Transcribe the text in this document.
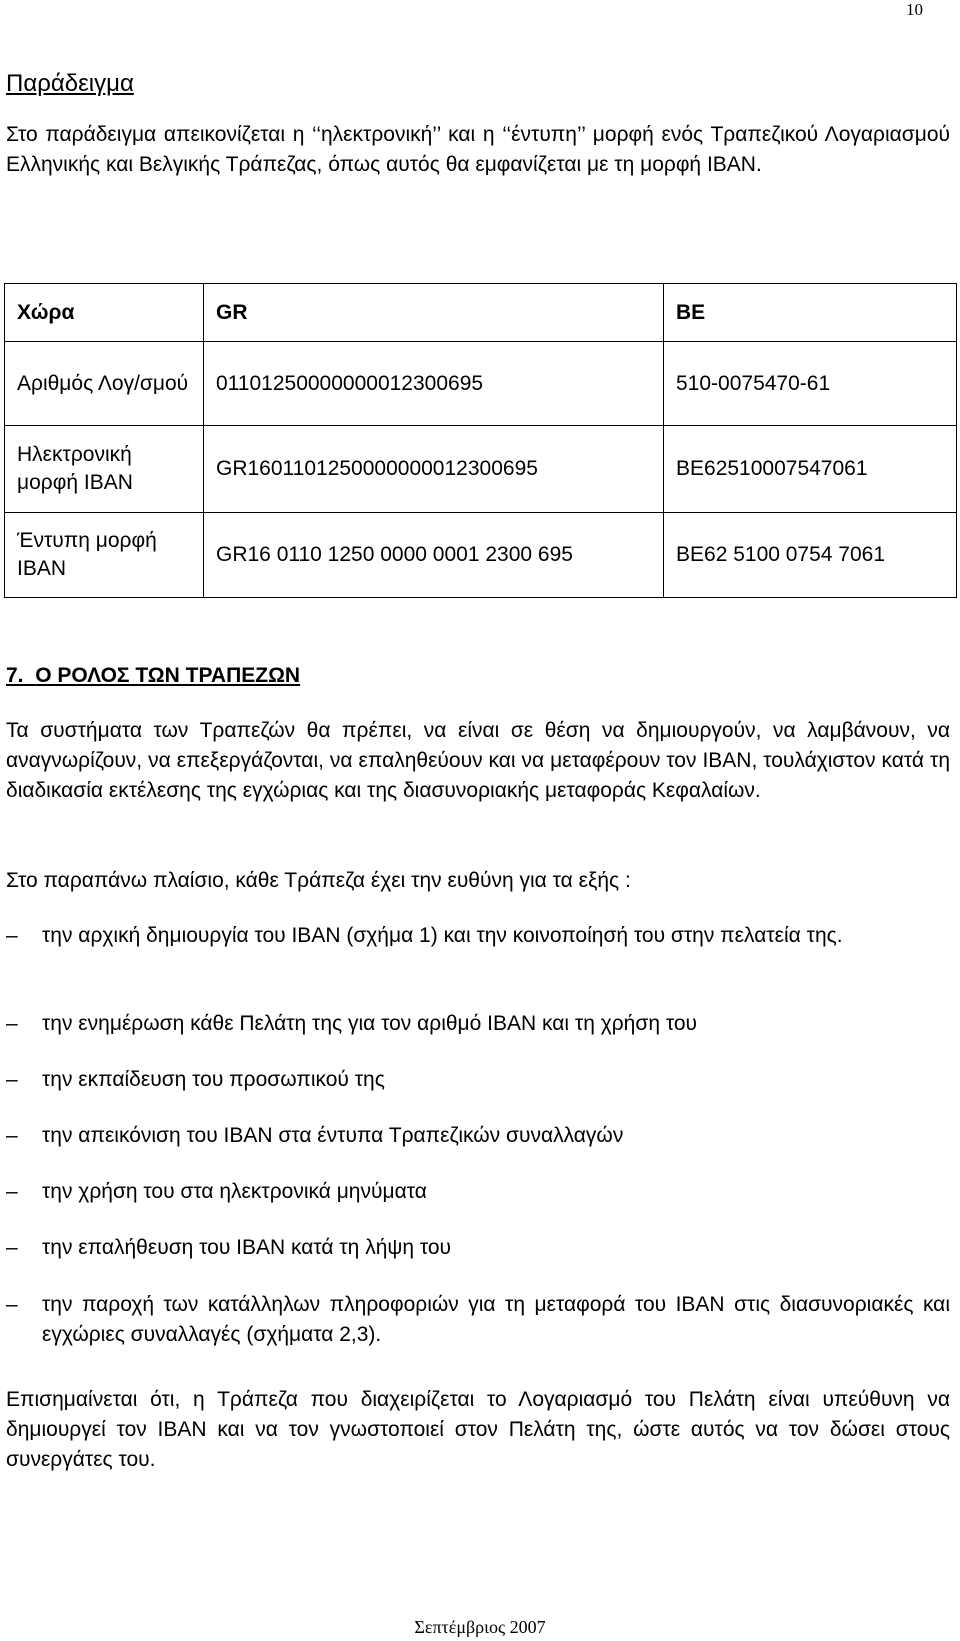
10
Παράδειγμα

Στο παράδειγμα απεικονίζεται η ‘‘ηλεκτρονική’’ και η ‘‘έντυπη’’ μορφή ενός Τραπεζικού Λογαριασμού Ελληνικής και Βελγικής Τράπεζας, όπως αυτός θα εμφανίζεται με τη μορφή IBAN.

Χώρα	GR	BE
Αριθμός Λογ/σμού	01101250000000012300695	510-0075470-61
Ηλεκτρονική μορφή IBAN	GR1601101250000000012300695	BE62510007547061
Έντυπη μορφή IBAN	GR16 0110 1250 0000 0001 2300 695	BE62 5100 0754 7061
7. Ο ΡΟΛΟΣ ΤΩΝ ΤΡΑΠΕΖΩΝ

Τα συστήματα των Τραπεζών θα πρέπει, να είναι σε θέση να δημιουργούν, να λαμβάνουν, να αναγνωρίζουν, να επεξεργάζονται, να επαληθεύουν και να μεταφέρουν τον IBAN, τουλάχιστον κατά τη διαδικασία εκτέλεσης της εγχώριας και της διασυνοριακής μεταφοράς Κεφαλαίων.

Στο παραπάνω πλαίσιο, κάθε Τράπεζα έχει την ευθύνη για τα εξής :

–	την αρχική δημιουργία του IBAN (σχήμα 1) και την κοινοποίησή του στην πελατεία της.
–	την ενημέρωση κάθε Πελάτη της για τον αριθμό IBAN και τη χρήση του
–	την εκπαίδευση του προσωπικού της
–	την απεικόνιση του IBAN στα έντυπα Τραπεζικών συναλλαγών
–	την χρήση του στα ηλεκτρονικά μηνύματα
–	την επαλήθευση του IBAN κατά τη λήψη του
–	την παροχή των κατάλληλων πληροφοριών για τη μεταφορά του IBAN στις διασυνοριακές και εγχώριες συναλλαγές (σχήματα 2,3).

Επισημαίνεται ότι, η Τράπεζα που διαχειρίζεται το Λογαριασμό του Πελάτη είναι υπεύθυνη να δημιουργεί τον IBAN και να τον γνωστοποιεί στον Πελάτη της, ώστε αυτός να τον δώσει στους συνεργάτες του.

Σεπτέμβριος 2007
